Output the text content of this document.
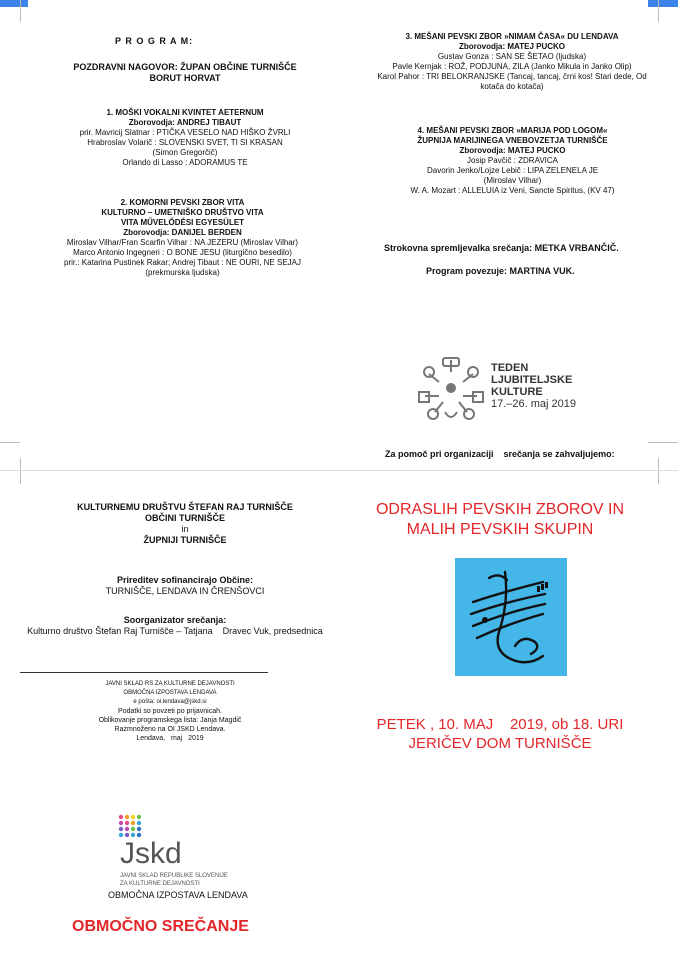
P R O G R A M:
POZDRAVNI NAGOVOR: ŽUPAN OBČINE TURNIŠČE
BORUT HORVAT
1. MOŠKI VOKALNI KVINTET AETERNUM
Zborovodja: ANDREJ TIBAUT
prir. Mavricij Slatnar : PTIČKA VESELO NAD HIŠKO ŽVRLI
Hrabroslav Volarič : SLOVENSKI SVET, TI SI KRASAN
(Simon Gregorčič)
Orlando di Lasso : ADORAMUS TE
2. KOMORNI PEVSKI ZBOR VITA
KULTURNO – UMETNIŠKO DRUŠTVO VITA
VITA MŰVELŐDÉSI EGYESÜLET
Zborovodja: DANIJEL BERDEN
Miroslav Vilhar/Fran Scarfin Vilhar : NA JEZERU (Miroslav Vilhar)
Marco Antonio Ingegneri : O BONE JESU (liturgično besedilo)
prir.: Katarina Pustinek Rakar; Andrej Tibaut : NE OURI, NE SEJAJ
(prekmurska ljudska)
3. MEŠANI PEVSKI ZBOR »NIMAM ČASA« DU LENDAVA
Zborovodja: MATEJ PUCKO
Gustav Gonza : SAN SE ŠETAO (ljudska)
Pavle Kernjak : ROŽ, PODJUNA, ZILA (Janko Mikula in Janko Olip)
Karol Pahor : TRI BELOKRANJSKE (Tancaj, tancaj, črni kos! Stari dede, Od
kotača do kotača)
4. MEŠANI PEVSKI ZBOR »MARIJA POD LOGOM«
ŽUPNIJA MARIJINEGA VNEBOVZETJA TURNIŠČE
Zborovodja: MATEJ PUCKO
Josip Pavčič : ZDRAVICA
Davorin Jenko/Lojze Lebič : LIPA ZELENELA JE
(Miroslav Vilhar)
W. A. Mozart : ALLELUIA iz Veni, Sancte Spiritus, (KV 47)
Strokovna spremljevalka srečanja: METKA VRBANČIČ.
Program povezuje: MARTINA VUK.
TEDEN
LJUBITELJSKE
KULTURE
17.–26. maj 2019
Za pomoč pri organizaciji    srečanja se zahvaljujemo:
KULTURNEMU DRUŠTVU ŠTEFAN RAJ TURNIŠČE
OBČINI TURNIŠČE
in
ŽUPNIJI TURNIŠČE
Prireditev sofinancirajo Občine:
TURNIŠČE, LENDAVA IN ČRENŠOVCI
Soorganizator srečanja:
Kulturno društvo Štefan Raj Turnišče – Tatjana    Dravec Vuk, predsednica
JAVNI SKLAD RS ZA KULTURNE DEJAVNOSTI
OBMOČNA IZPOSTAVA LENDAVA
e pošta: oi.lendava@jskd.si
Podatki so povzeti po prijavnicah.
Oblikovanje programskega lista: Janja Magdič
Razmnoženo na OI JSKD Lendava.
Lendava,   maj   2019
Jskd
JAVNI SKLAD REPUBLIKE SLOVENIJE
ZA KULTURNE DEJAVNOSTI
OBMOČNA IZPOSTAVA LENDAVA
OBMOČNO SREČANJE
ODRASLIH PEVSKIH ZBOROV IN
MALIH PEVSKIH SKUPIN
PETEK , 10. MAJ    2019, ob 18. URI
JERIČEV DOM TURNIŠČE
